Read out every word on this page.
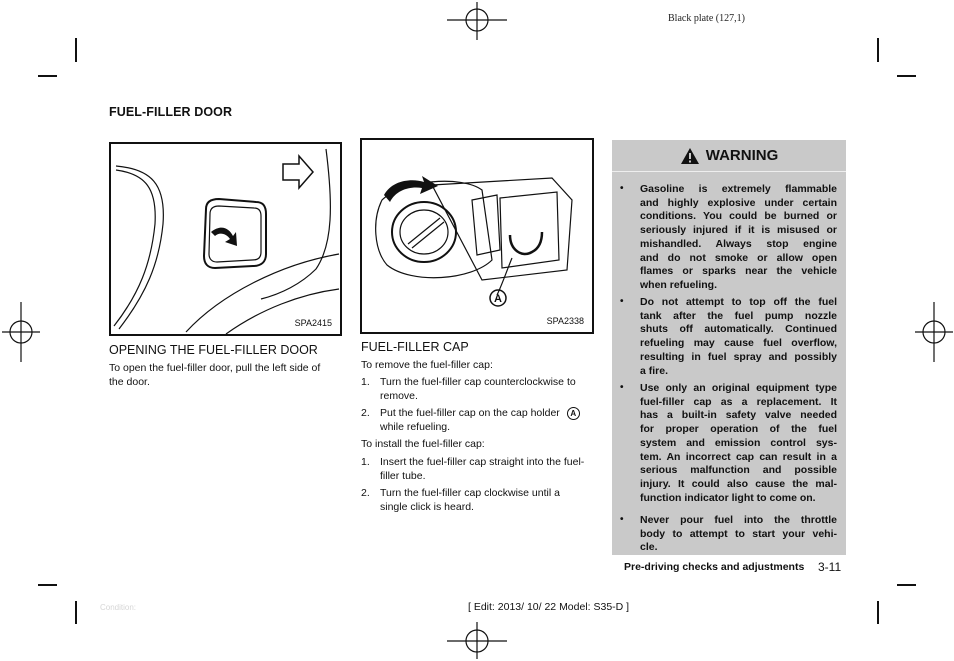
Black plate (127,1)
FUEL-FILLER DOOR
SPA2415
A
SPA2338
OPENING THE FUEL-FILLER DOOR
To open the fuel-filler door, pull the left side of
the door.
FUEL-FILLER CAP
To remove the fuel-filler cap:
1. Turn the fuel-filler cap counterclockwise to
remove.
2. Put the fuel-filler cap on the cap holder A
while refueling.
To install the fuel-filler cap:
1. Insert the fuel-filler cap straight into the fuel-
filler tube.
2. Turn the fuel-filler cap clockwise until a
single click is heard.
WARNING
• Gasoline is extremely flammable
and highly explosive under certain
conditions. You could be burned or
seriously injured if it is misused or
mishandled. Always stop engine
and do not smoke or allow open
flames or sparks near the vehicle
when refueling.
• Do not attempt to top off the fuel
tank after the fuel pump nozzle
shuts off automatically. Continued
refueling may cause fuel overflow,
resulting in fuel spray and possibly
a fire.
• Use only an original equipment type
fuel-filler cap as a replacement. It
has a built-in safety valve needed
for proper operation of the fuel
system and emission control sys-
tem. An incorrect cap can result in a
serious malfunction and possible
injury. It could also cause the mal-
function indicator light to come on.
• Never pour fuel into the throttle
body to attempt to start your vehi-
cle.
Pre-driving checks and adjustments 3-11
[ Edit: 2013/ 10/ 22 Model: S35-D ]
Condition:
